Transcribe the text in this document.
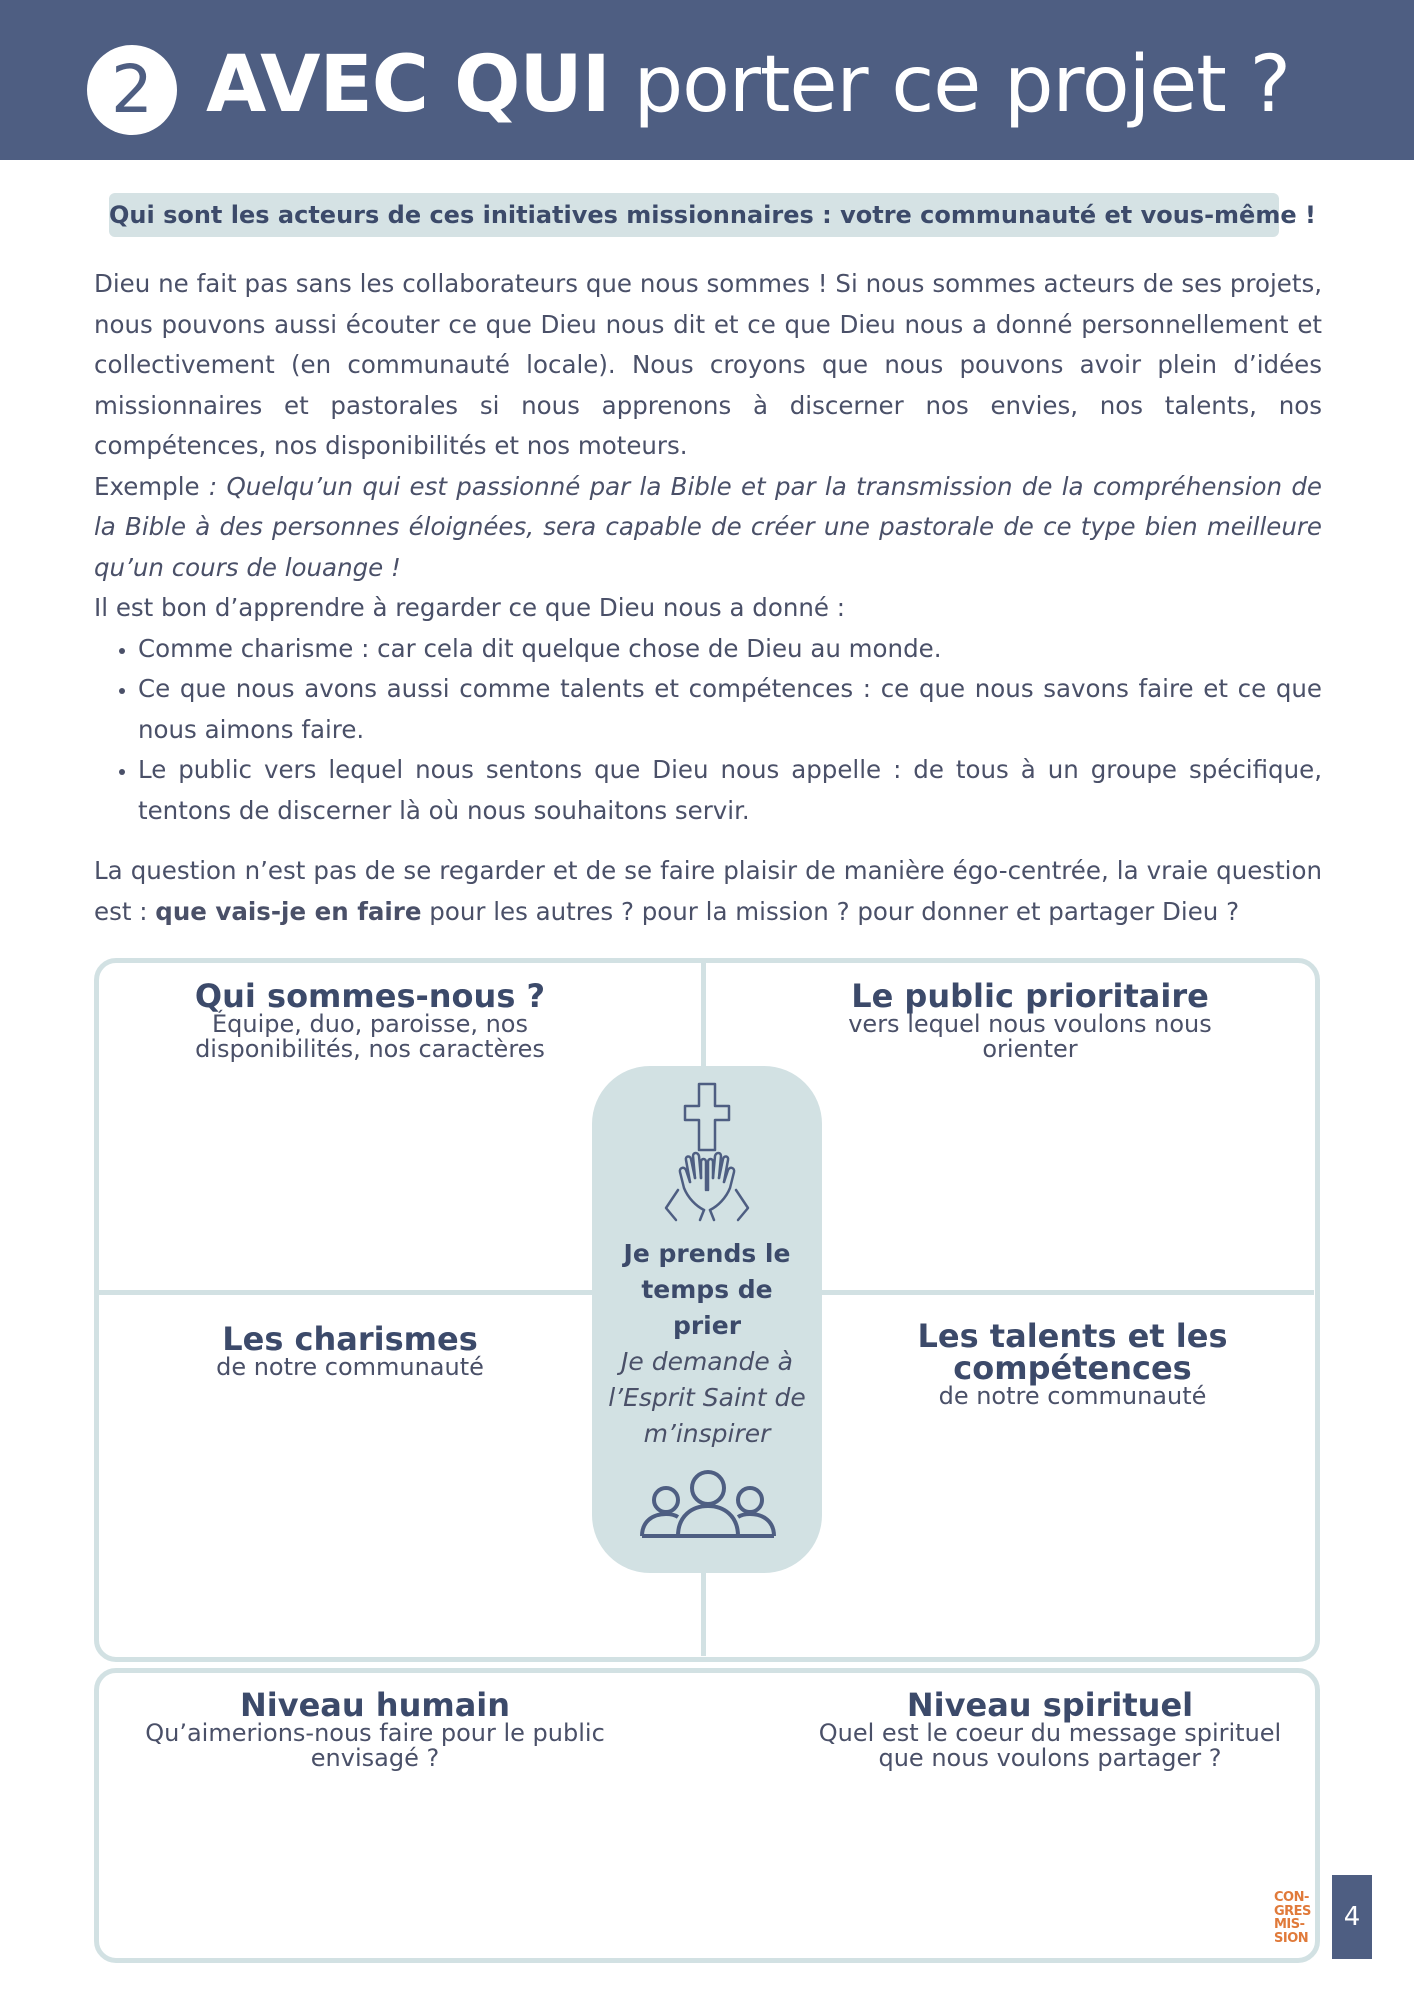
2 AVEC QUI porter ce projet ?
Qui sont les acteurs de ces initiatives missionnaires : votre communauté et vous-même !

Dieu ne fait pas sans les collaborateurs que nous sommes ! Si nous sommes acteurs de ses projets, nous pouvons aussi écouter ce que Dieu nous dit et ce que Dieu nous a donné personnellement et collectivement (en communauté locale). Nous croyons que nous pouvons avoir plein d’idées missionnaires et pastorales si nous apprenons à discerner nos envies, nos talents, nos compétences, nos disponibilités et nos moteurs.

Exemple : Quelqu’un qui est passionné par la Bible et par la transmission de la compréhension de la Bible à des personnes éloignées, sera capable de créer une pastorale de ce type bien meilleure qu’un cours de louange !

Il est bon d’apprendre à regarder ce que Dieu nous a donné :

• Comme charisme : car cela dit quelque chose de Dieu au monde.
• Ce que nous avons aussi comme talents et compétences : ce que nous savons faire et ce que nous aimons faire.
• Le public vers lequel nous sentons que Dieu nous appelle : de tous à un groupe spécifique, tentons de discerner là où nous souhaitons servir.

La question n’est pas de se regarder et de se faire plaisir de manière égo-centrée, la vraie question est : que vais-je en faire pour les autres ? pour la mission ? pour donner et partager Dieu ?

Qui sommes-nous ?
Équipe, duo, paroisse, nos disponibilités, nos caractères
Le public prioritaire
vers lequel nous voulons nous orienter
Les charismes
de notre communauté
Les talents et les compétences
de notre communauté
Je prends le temps de prier
Je demande à l’Esprit Saint de m’inspirer
Niveau humain
Qu’aimerions-nous faire pour le public envisagé ?
Niveau spirituel
Quel est le coeur du message spirituel que nous voulons partager ?
CON-
GRES
MIS-
SION
4
